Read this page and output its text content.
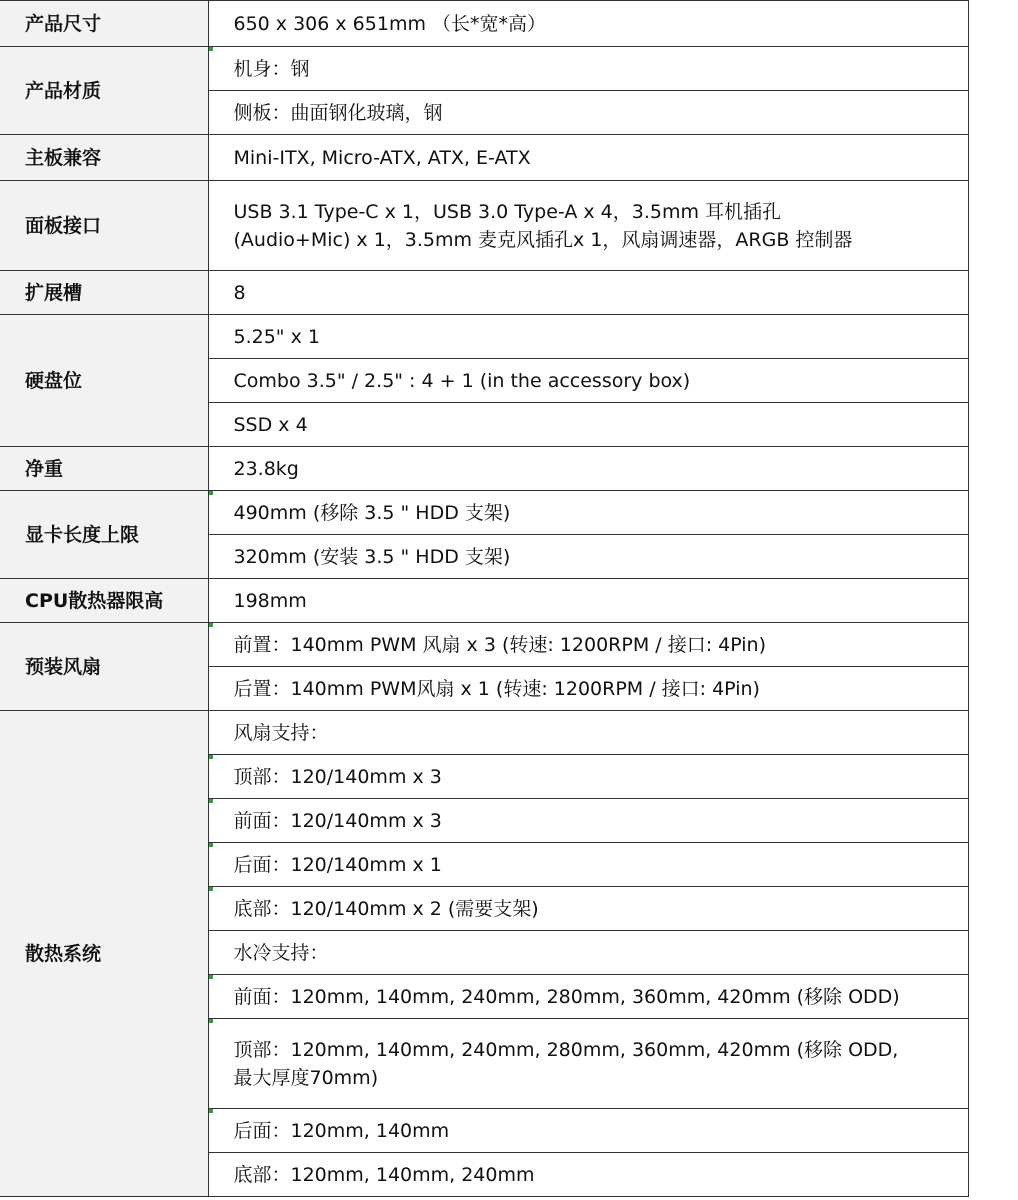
产品尺寸	650 x 306 x 651mm （长*宽*高）
产品材质	机身：钢
	侧板：曲面钢化玻璃，钢
主板兼容	Mini-ITX, Micro-ATX, ATX, E-ATX
面板接口	USB 3.1 Type-C x 1，USB 3.0 Type-A x 4，3.5mm 耳机插孔
(Audio+Mic) x 1，3.5mm 麦克风插孔x 1，风扇调速器，ARGB 控制器

扩展槽	8
硬盘位	5.25" x 1
	Combo 3.5" / 2.5" : 4 + 1 (in the accessory box)
	SSD x 4
净重	23.8kg
显卡长度上限	490mm (移除 3.5 " HDD 支架)
	320mm (安装 3.5 " HDD 支架)
CPU散热器限高	198mm
预装风扇	前置：140mm PWM 风扇 x 3 (转速: 1200RPM / 接口: 4Pin)
	后置：140mm PWM风扇 x 1 (转速: 1200RPM / 接口: 4Pin)
散热系统	风扇支持：
	顶部：120/140mm x 3
	前面：120/140mm x 3
	后面：120/140mm x 1
	底部：120/140mm x 2 (需要支架)
	水冷支持：
	前面：120mm, 140mm, 240mm, 280mm, 360mm, 420mm (移除 ODD)

	顶部：120mm, 140mm, 240mm, 280mm, 360mm, 420mm (移除 ODD,
最大厚度70mm)

	后面：120mm, 140mm
	底部：120mm, 140mm, 240mm
